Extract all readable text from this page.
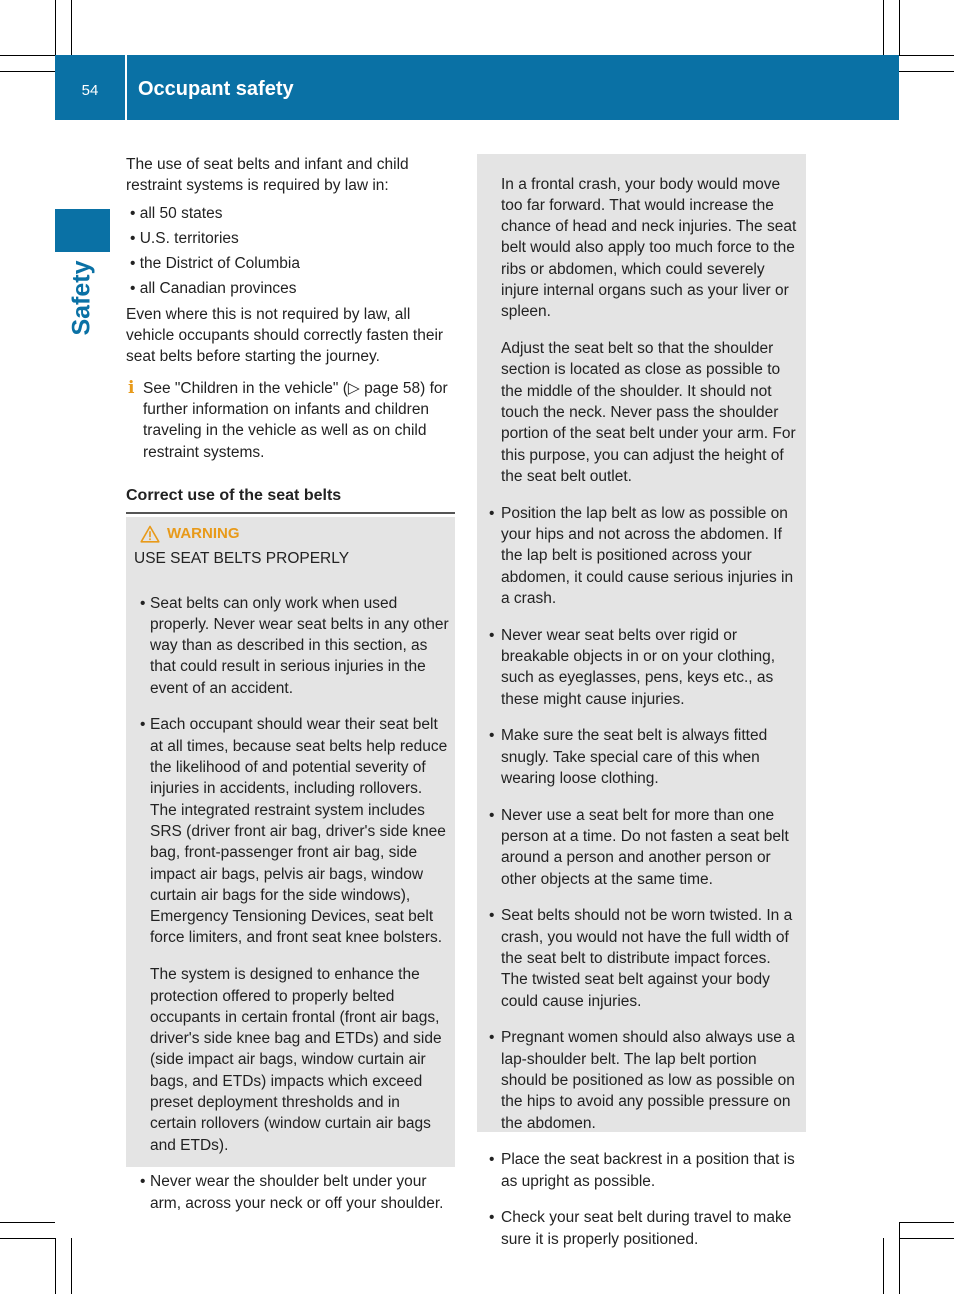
54	Occupant safety
Safety

The use of seat belts and infant and child restraint systems is required by law in:

• all 50 states
• U.S. territories
• the District of Columbia
• all Canadian provinces

Even where this is not required by law, all vehicle occupants should correctly fasten their seat belts before starting the journey.

i See "Children in the vehicle" (▷ page 58) for further information on infants and children traveling in the vehicle as well as on child restraint systems.

Correct use of the seat belts
WARNING
USE SEAT BELTS PROPERLY
• Seat belts can only work when used properly. Never wear seat belts in any other way than as described in this section, as that could result in serious injuries in the event of an accident.

• Each occupant should wear their seat belt at all times, because seat belts help reduce the likelihood of and potential severity of injuries in accidents, including rollovers. The integrated restraint system includes SRS (driver front air bag, driver's side knee bag, front-passenger front air bag, side impact air bags, pelvis air bags, window curtain air bags for the side windows), Emergency Tensioning Devices, seat belt force limiters, and front seat knee bolsters.

The system is designed to enhance the protection offered to properly belted occupants in certain frontal (front air bags, driver's side knee bag and ETDs) and side (side impact air bags, window curtain air bags, and ETDs) impacts which exceed preset deployment thresholds and in certain rollovers (window curtain air bags and ETDs).

• Never wear the shoulder belt under your arm, across your neck or off your shoulder.

In a frontal crash, your body would move too far forward. That would increase the chance of head and neck injuries. The seat belt would also apply too much force to the ribs or abdomen, which could severely injure internal organs such as your liver or spleen.

Adjust the seat belt so that the shoulder section is located as close as possible to the middle of the shoulder. It should not touch the neck. Never pass the shoulder portion of the seat belt under your arm. For this purpose, you can adjust the height of the seat belt outlet.

• Position the lap belt as low as possible on your hips and not across the abdomen. If the lap belt is positioned across your abdomen, it could cause serious injuries in a crash.

• Never wear seat belts over rigid or breakable objects in or on your clothing, such as eyeglasses, pens, keys etc., as these might cause injuries.

• Make sure the seat belt is always fitted snugly. Take special care of this when wearing loose clothing.

• Never use a seat belt for more than one person at a time. Do not fasten a seat belt around a person and another person or other objects at the same time.

• Seat belts should not be worn twisted. In a crash, you would not have the full width of the seat belt to distribute impact forces. The twisted seat belt against your body could cause injuries.

• Pregnant women should also always use a lap-shoulder belt. The lap belt portion should be positioned as low as possible on the hips to avoid any possible pressure on the abdomen.

• Place the seat backrest in a position that is as upright as possible.

• Check your seat belt during travel to make sure it is properly positioned.
